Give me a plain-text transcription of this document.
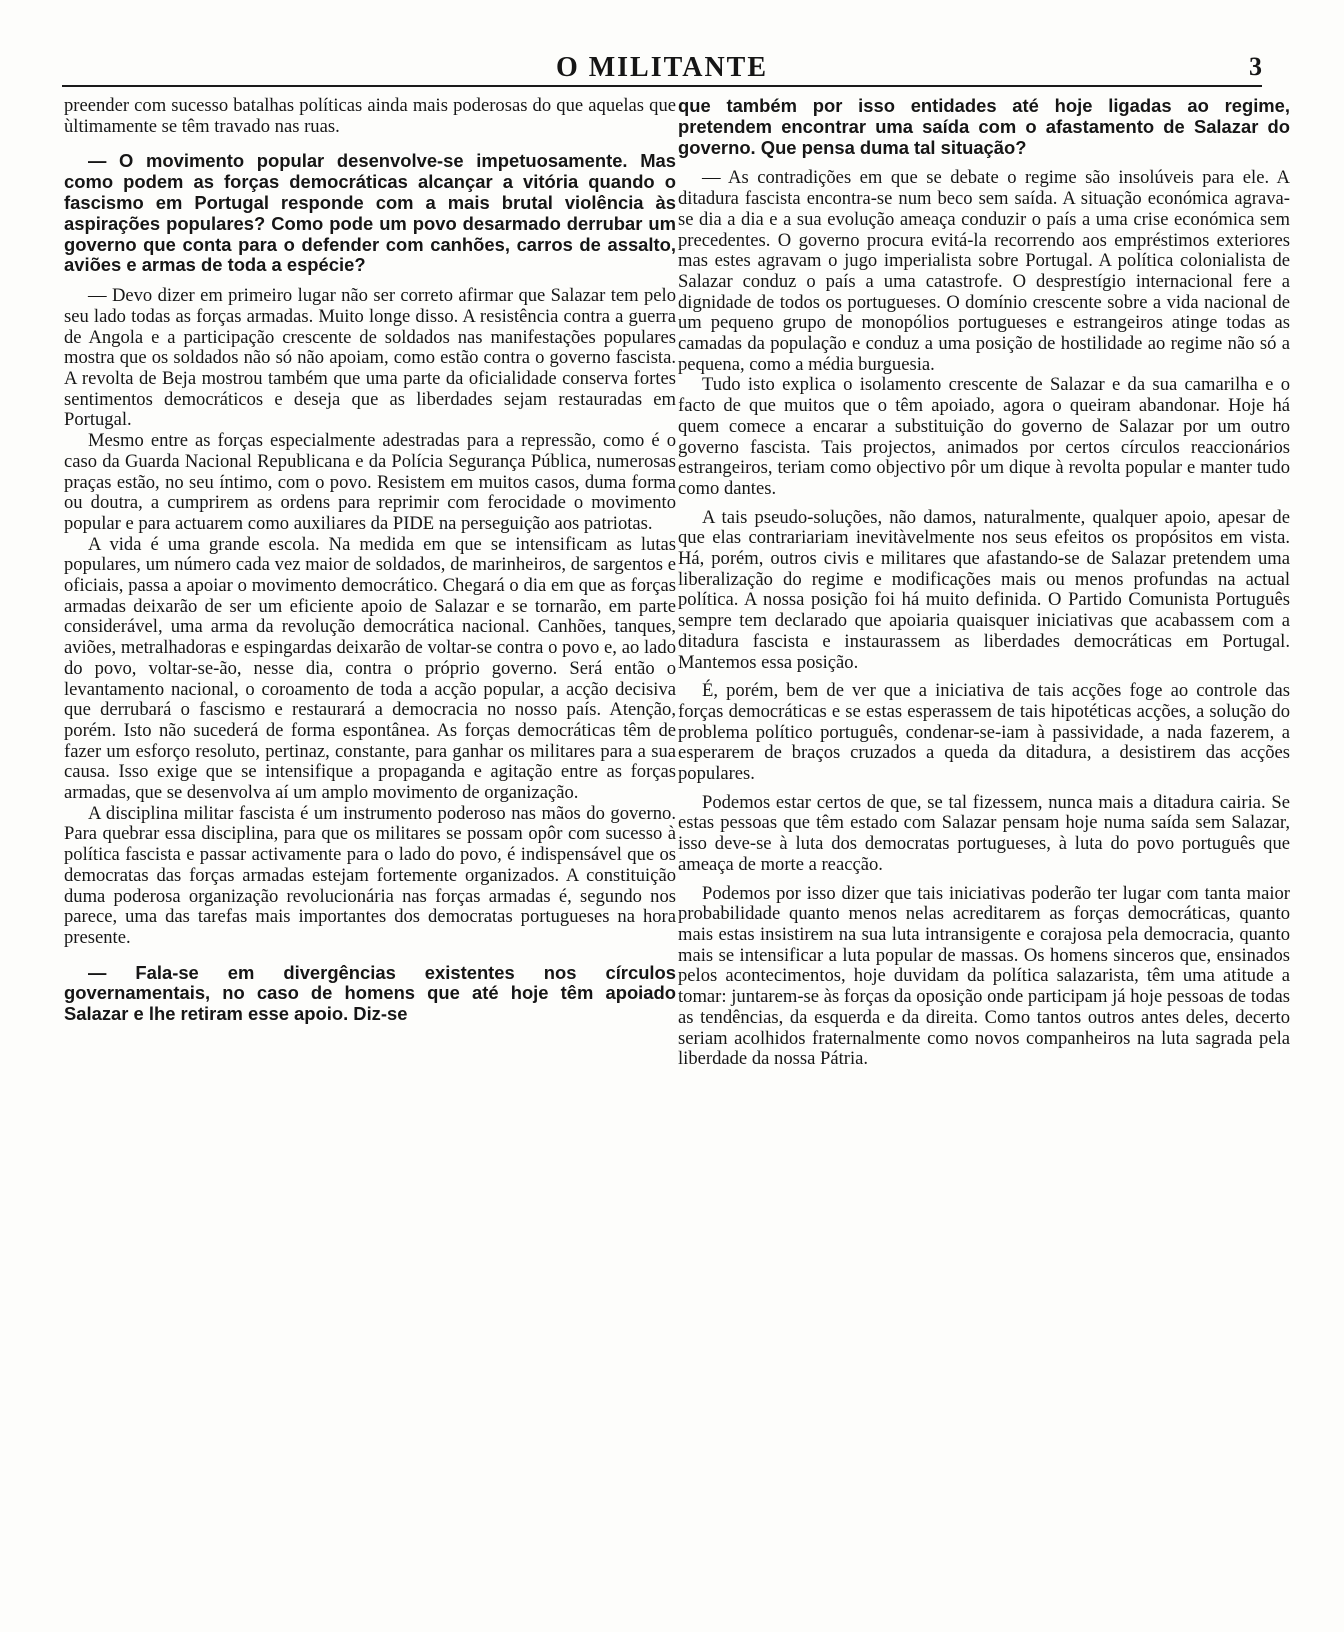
O MILITANTE	3

preender com sucesso batalhas políticas ainda mais poderosas do que aquelas que ùltimamente se têm travado nas ruas.

— O movimento popular desenvolve-se impetuosamente. Mas como podem as forças democráticas alcançar a vitória quando o fascismo em Portugal responde com a mais brutal violência às aspirações populares? Como pode um povo desarmado derrubar um governo que conta para o defender com canhões, carros de assalto, aviões e armas de toda a espécie?

— Devo dizer em primeiro lugar não ser correto afirmar que Salazar tem pelo seu lado todas as forças armadas. Muito longe disso. A resistência contra a guerra de Angola e a participação crescente de soldados nas manifestações populares mostra que os soldados não só não apoiam, como estão contra o governo fascista. A revolta de Beja mostrou também que uma parte da oficialidade conserva fortes sentimentos democráticos e deseja que as liberdades sejam restauradas em Portugal.

Mesmo entre as forças especialmente adestradas para a repressão, como é o caso da Guarda Nacional Republicana e da Polícia Segurança Pública, numerosas praças estão, no seu íntimo, com o povo. Resistem em muitos casos, duma forma ou doutra, a cumprirem as ordens para reprimir com ferocidade o movimento popular e para actuarem como auxiliares da PIDE na perseguição aos patriotas.

A vida é uma grande escola. Na medida em que se intensificam as lutas populares, um número cada vez maior de soldados, de marinheiros, de sargentos e oficiais, passa a apoiar o movimento democrático. Chegará o dia em que as forças armadas deixarão de ser um eficiente apoio de Salazar e se tornarão, em parte considerável, uma arma da revolução democrática nacional. Canhões, tanques, aviões, metralhadoras e espingardas deixarão de voltar-se contra o povo e, ao lado do povo, voltar-se-ão, nesse dia, contra o próprio governo. Será então o levantamento nacional, o coroamento de toda a acção popular, a acção decisiva que derrubará o fascismo e restaurará a democracia no nosso país. Atenção, porém. Isto não sucederá de forma espontânea. As forças democráticas têm de fazer um esforço resoluto, pertinaz, constante, para ganhar os militares para a sua causa. Isso exige que se intensifique a propaganda e agitação entre as forças armadas, que se desenvolva aí um amplo movimento de organização.

A disciplina militar fascista é um instrumento poderoso nas mãos do governo. Para quebrar essa disciplina, para que os militares se possam opôr com sucesso à política fascista e passar activamente para o lado do povo, é indispensável que os democratas das forças armadas estejam fortemente organizados. A constituição duma poderosa organização revolucionária nas forças armadas é, segundo nos parece, uma das tarefas mais importantes dos democratas portugueses na hora presente.

— Fala-se em divergências existentes nos círculos governamentais, no caso de homens que até hoje têm apoiado Salazar e lhe retiram esse apoio. Diz-se

que também por isso entidades até hoje ligadas ao regime, pretendem encontrar uma saída com o afastamento de Salazar do governo. Que pensa duma tal situação?

— As contradições em que se debate o regime são insolúveis para ele. A ditadura fascista encontra-se num beco sem saída. A situação económica agrava-se dia a dia e a sua evolução ameaça conduzir o país a uma crise económica sem precedentes. O governo procura evitá-la recorrendo aos empréstimos exteriores mas estes agravam o jugo imperialista sobre Portugal. A política colonialista de Salazar conduz o país a uma catastrofe. O desprestígio internacional fere a dignidade de todos os portugueses. O domínio crescente sobre a vida nacional de um pequeno grupo de monopólios portugueses e estrangeiros atinge todas as camadas da população e conduz a uma posição de hostilidade ao regime não só a pequena, como a média burguesia.

Tudo isto explica o isolamento crescente de Salazar e da sua camarilha e o facto de que muitos que o têm apoiado, agora o queiram abandonar. Hoje há quem comece a encarar a substituição do governo de Salazar por um outro governo fascista. Tais projectos, animados por certos círculos reaccionários estrangeiros, teriam como objectivo pôr um dique à revolta popular e manter tudo como dantes.

A tais pseudo-soluções, não damos, naturalmente, qualquer apoio, apesar de que elas contrariariam inevitàvelmente nos seus efeitos os propósitos em vista. Há, porém, outros civis e militares que afastando-se de Salazar pretendem uma liberalização do regime e modificações mais ou menos profundas na actual política. A nossa posição foi há muito definida. O Partido Comunista Português sempre tem declarado que apoiaria quaisquer iniciativas que acabassem com a ditadura fascista e instaurassem as liberdades democráticas em Portugal. Mantemos essa posição.

É, porém, bem de ver que a iniciativa de tais acções foge ao controle das forças democráticas e se estas esperassem de tais hipotéticas acções, a solução do problema político português, condenar-se-iam à passividade, a nada fazerem, a esperarem de braços cruzados a queda da ditadura, a desistirem das acções populares.

Podemos estar certos de que, se tal fizessem, nunca mais a ditadura cairia. Se estas pessoas que têm estado com Salazar pensam hoje numa saída sem Salazar, isso deve-se à luta dos democratas portugueses, à luta do povo português que ameaça de morte a reacção.

Podemos por isso dizer que tais iniciativas poderão ter lugar com tanta maior probabilidade quanto menos nelas acreditarem as forças democráticas, quanto mais estas insistirem na sua luta intransigente e corajosa pela democracia, quanto mais se intensificar a luta popular de massas. Os homens sinceros que, ensinados pelos acontecimentos, hoje duvidam da política salazarista, têm uma atitude a tomar: juntarem-se às forças da oposição onde participam já hoje pessoas de todas as tendências, da esquerda e da direita. Como tantos outros antes deles, decerto seriam acolhidos fraternalmente como novos companheiros na luta sagrada pela liberdade da nossa Pátria.
